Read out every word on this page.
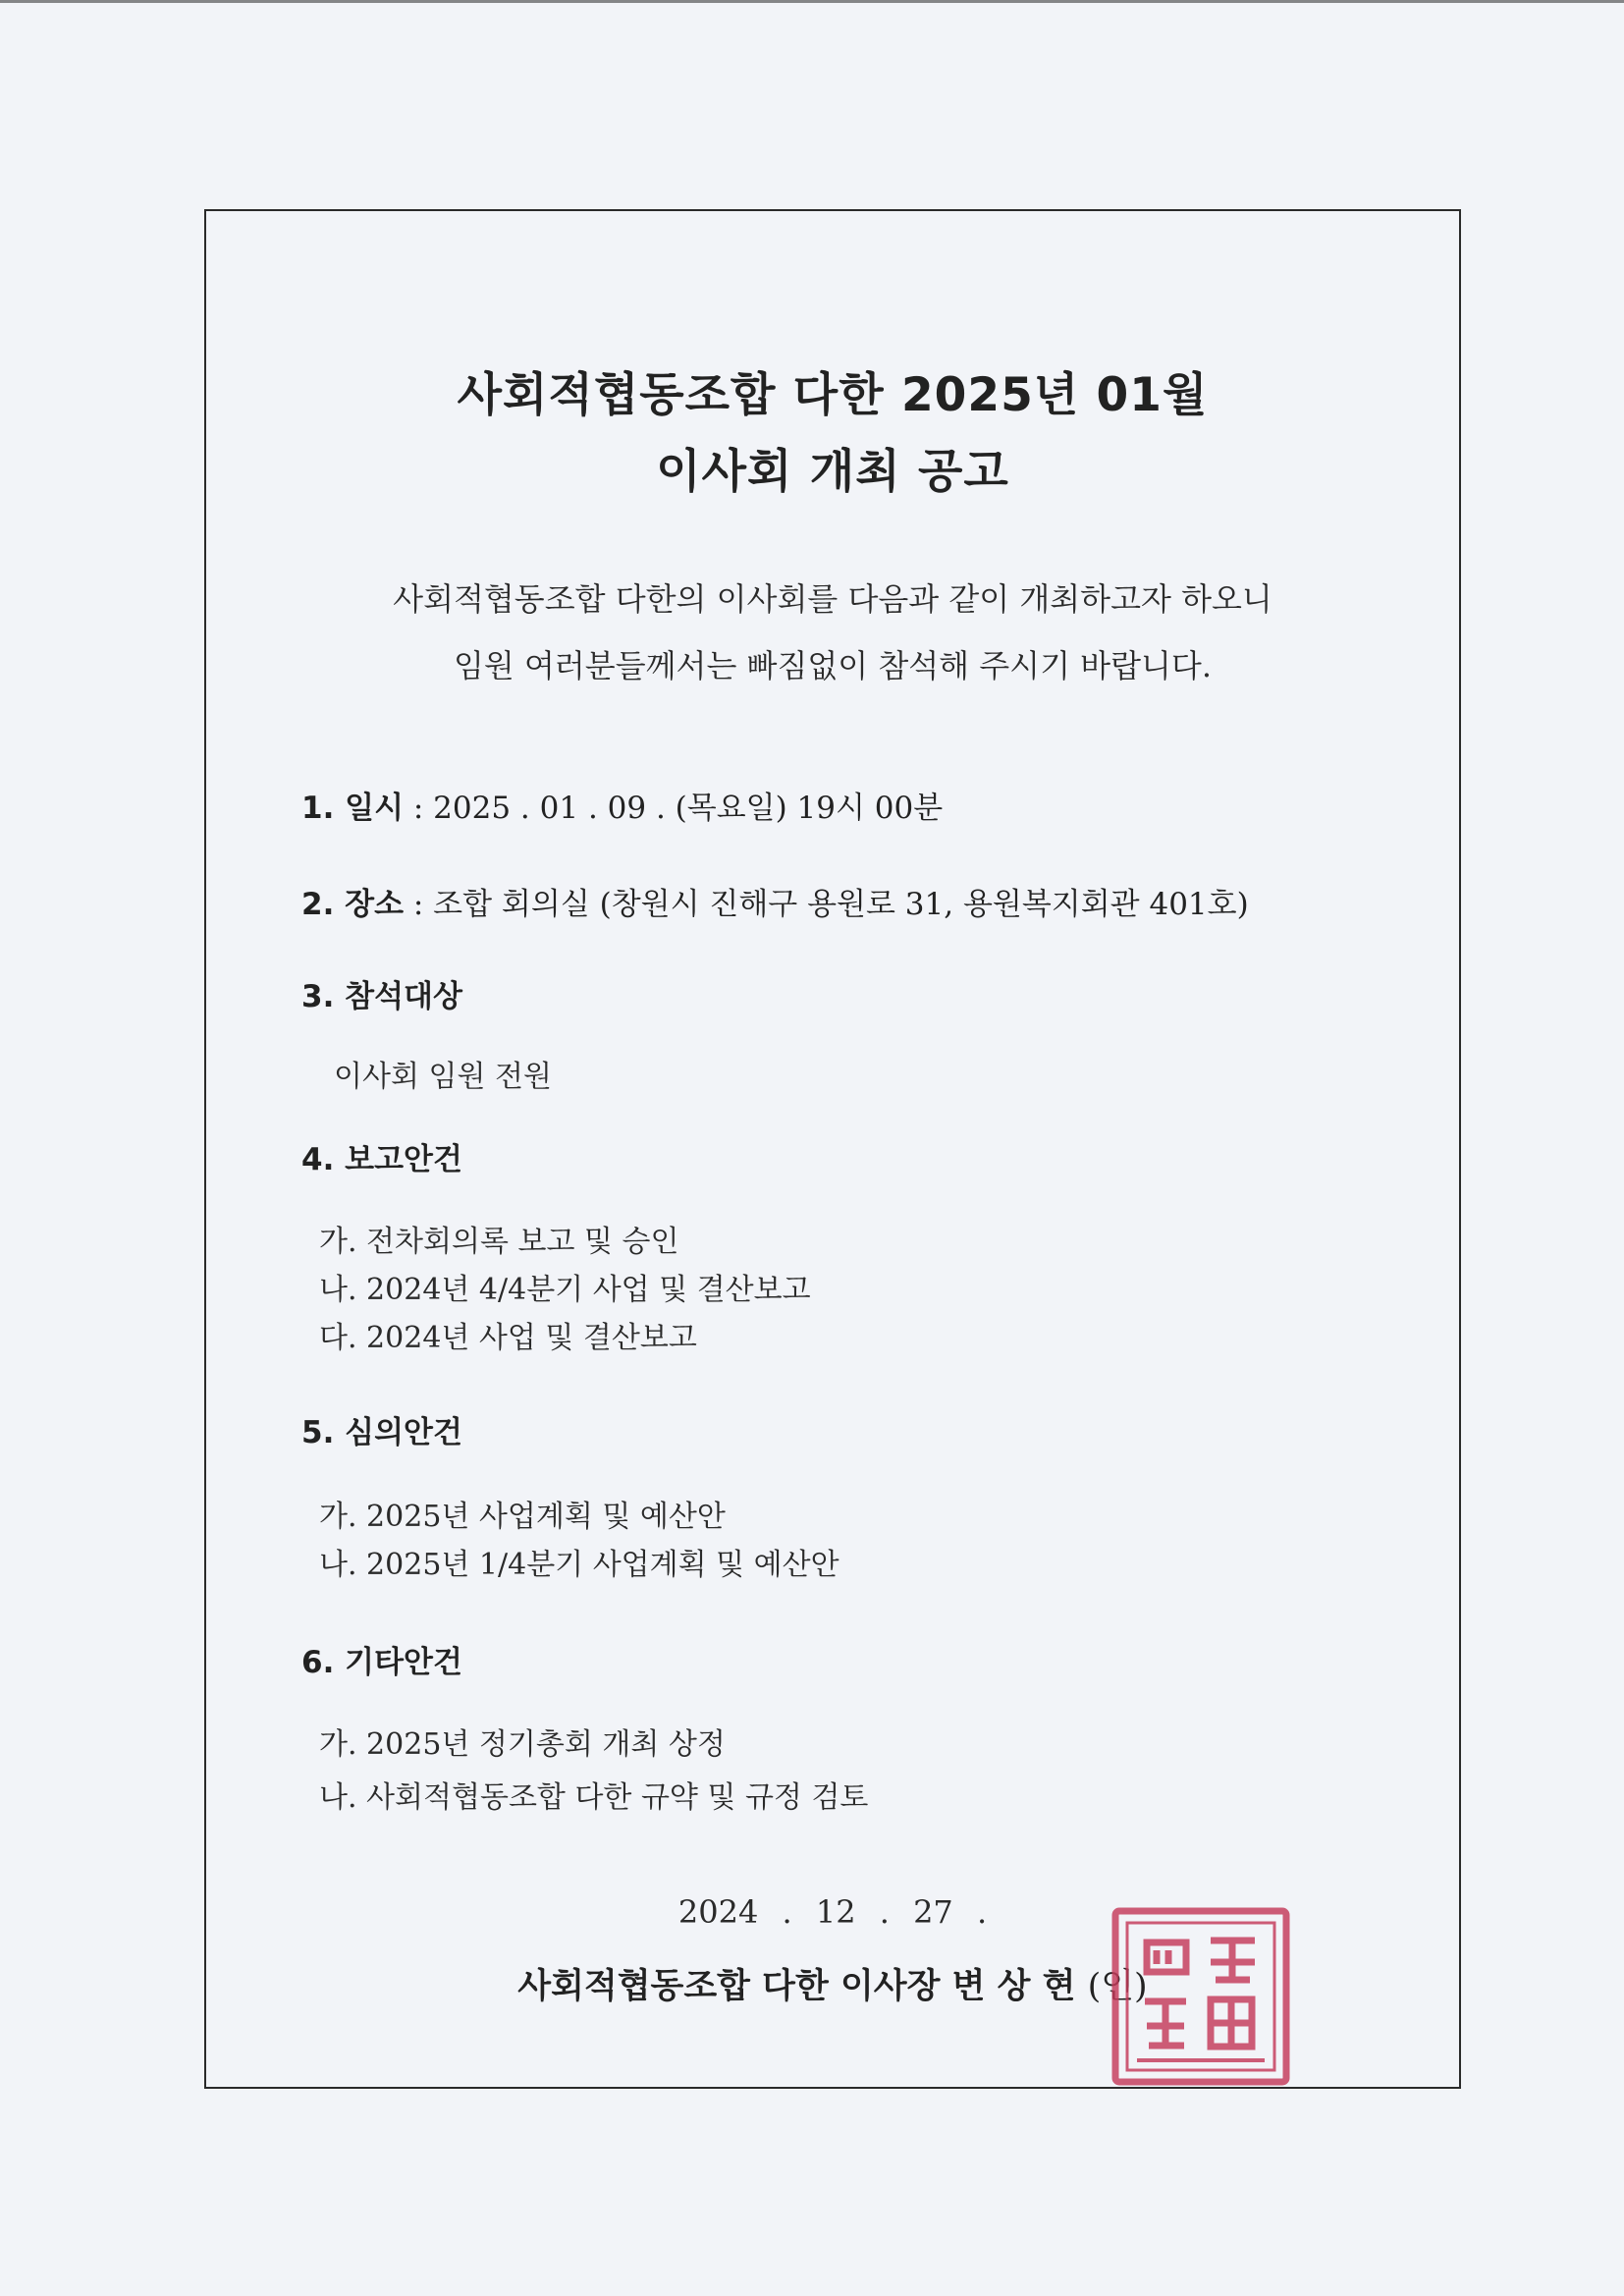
사회적협동조합 다한 2025년 01월
이사회 개최 공고
사회적협동조합 다한의 이사회를 다음과 같이 개최하고자 하오니
임원 여러분들께서는 빠짐없이 참석해 주시기 바랍니다.
1. 일시 : 2025 . 01 . 09 . (목요일) 19시 00분
2. 장소 : 조합 회의실 (창원시 진해구 용원로 31, 용원복지회관 401호)
3. 참석대상
이사회 임원 전원
4. 보고안건
가. 전차회의록 보고 및 승인
나. 2024년 4/4분기 사업 및 결산보고
다. 2024년 사업 및 결산보고
5. 심의안건
가. 2025년 사업계획 및 예산안
나. 2025년 1/4분기 사업계획 및 예산안
6. 기타안건
가. 2025년 정기총회 개최 상정
나. 사회적협동조합 다한 규약 및 규정 검토
2024 . 12 . 27 .
사회적협동조합 다한 이사장 변 상 현 (인)
